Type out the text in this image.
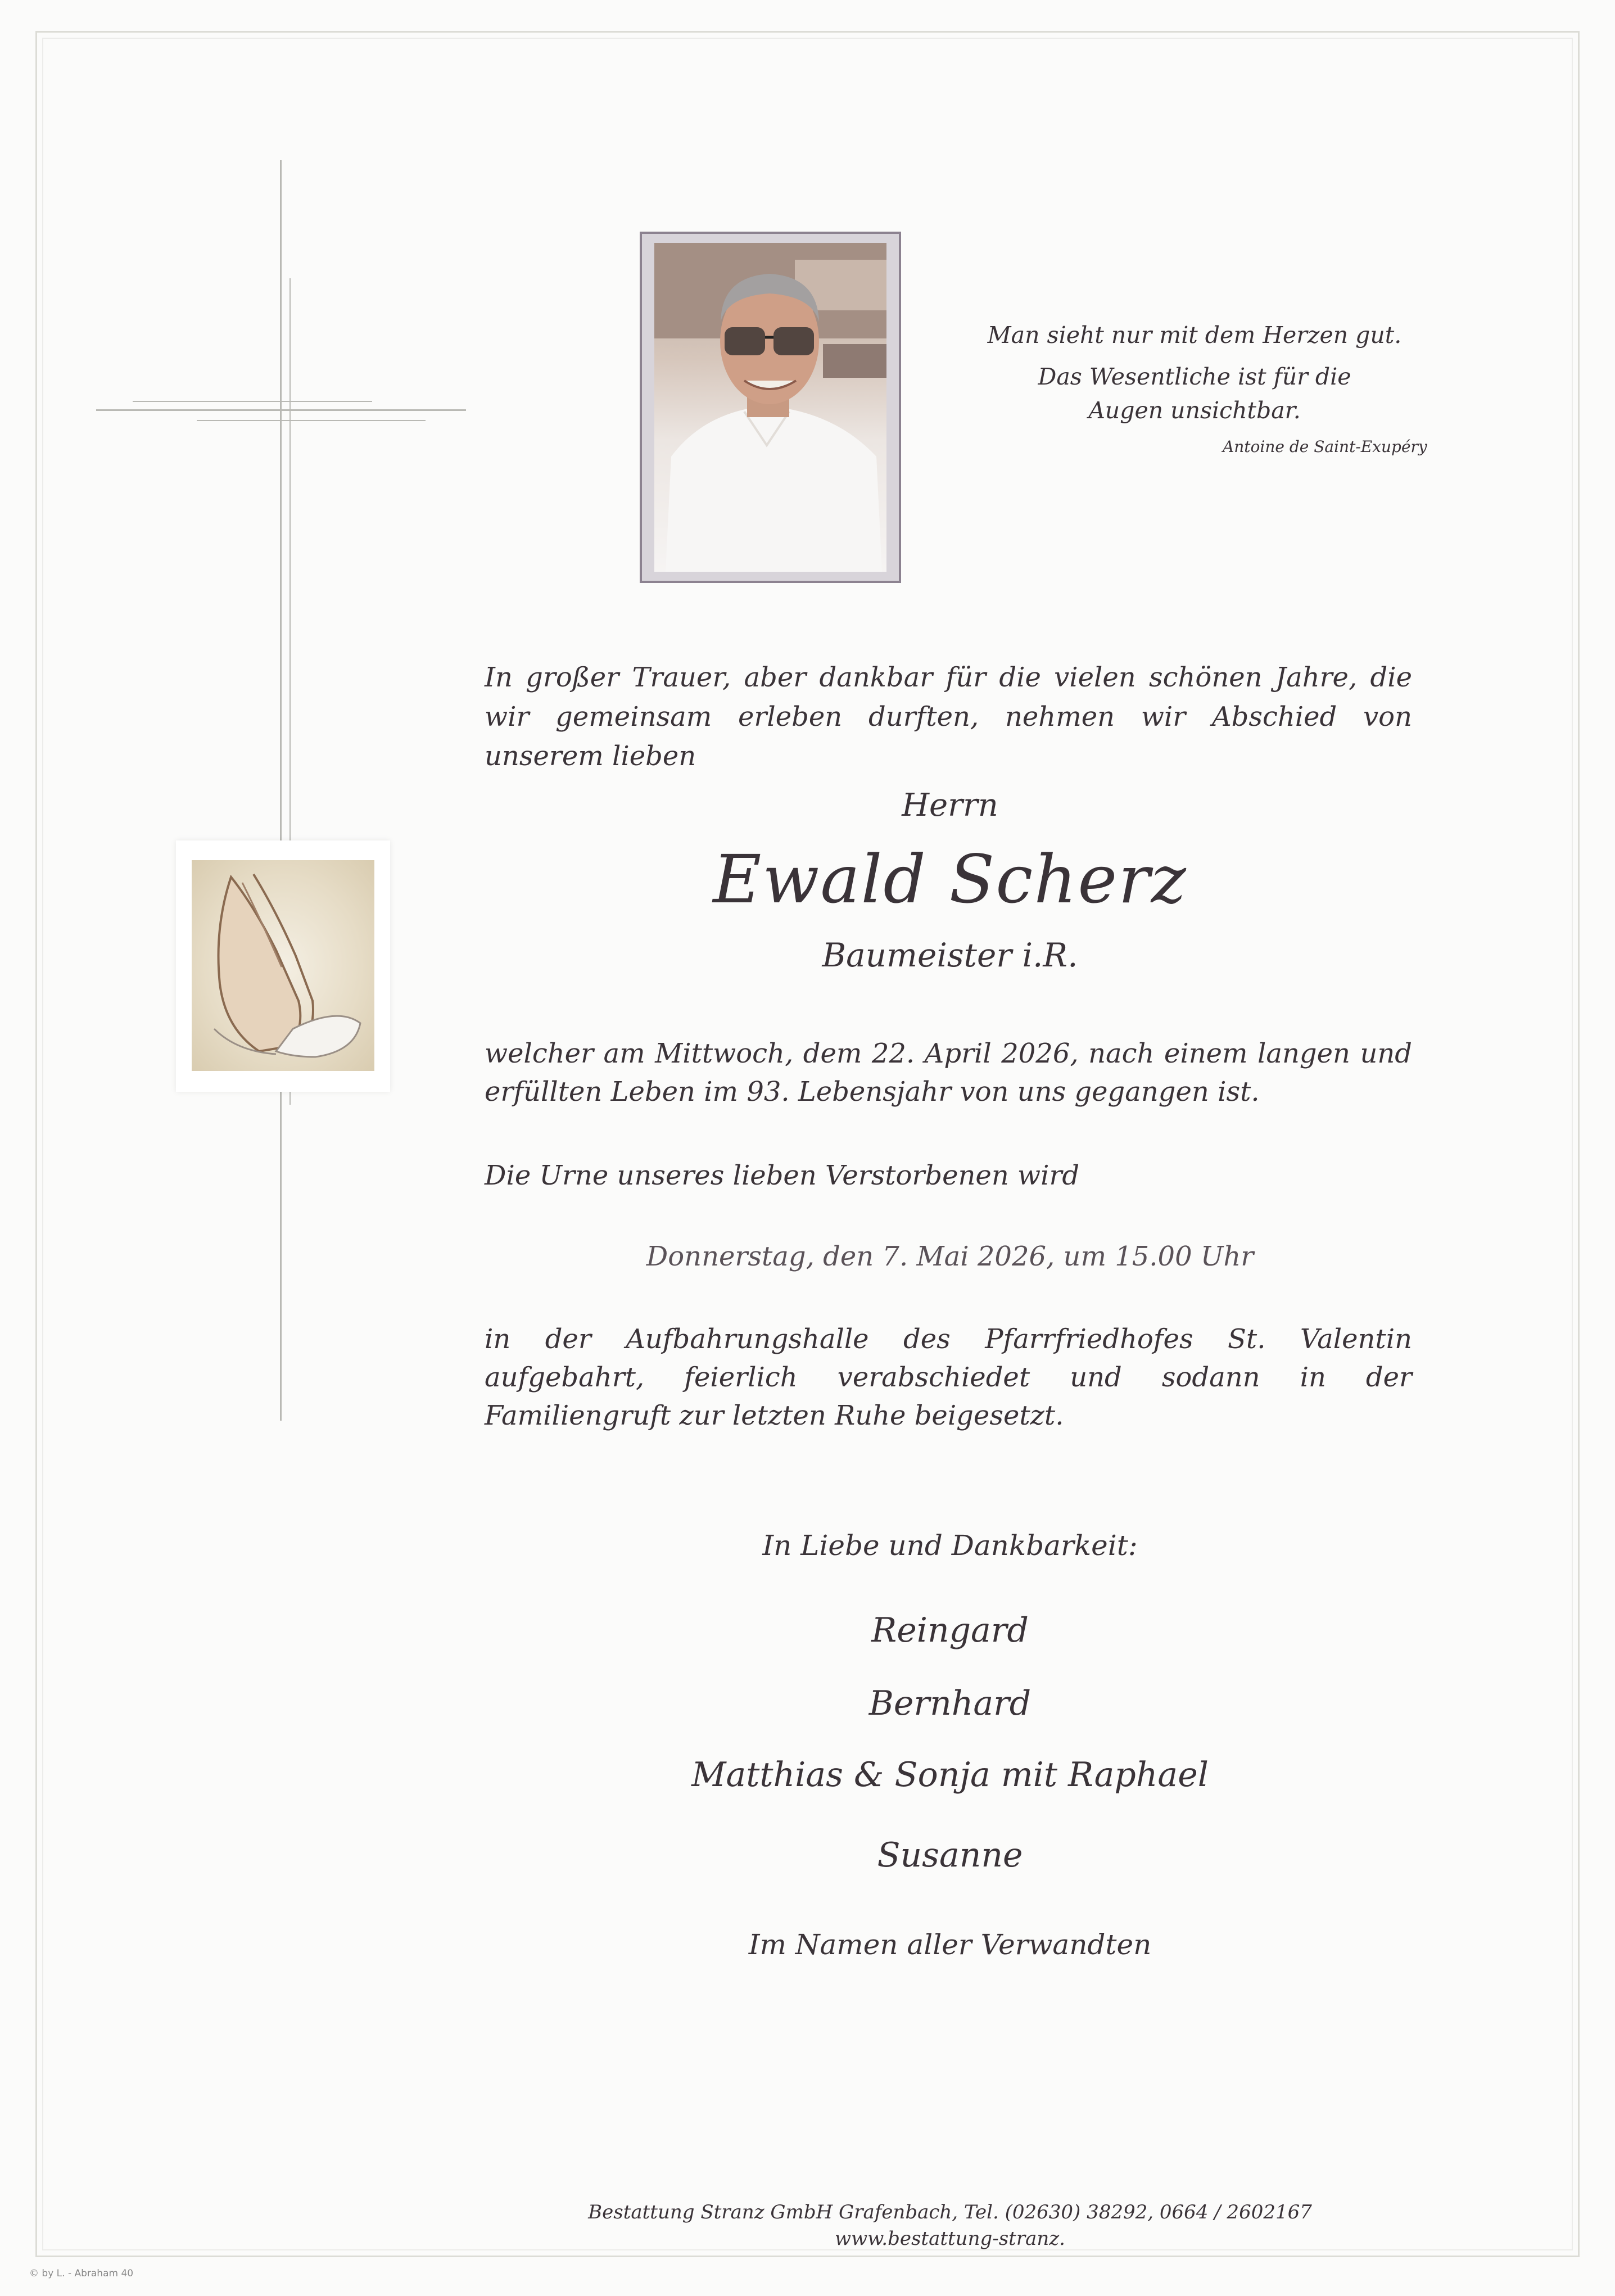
Man sieht nur mit dem Herzen gut.
Das Wesentliche ist für die
Augen unsichtbar.
Antoine de Saint-Exupéry
In großer Trauer, aber dankbar für die vielen schönen Jahre, die wir gemeinsam erleben durften, nehmen wir Abschied von unserem lieben
Herrn
Ewald Scherz
Baumeister i.R.
welcher am Mittwoch, dem 22. April 2026, nach einem langen und erfüllten Leben im 93. Lebensjahr von uns gegangen ist.
Die Urne unseres lieben Verstorbenen wird
Donnerstag, den 7. Mai 2026, um 15.00 Uhr
in der Aufbahrungshalle des Pfarrfriedhofes St. Valentin aufgebahrt, feierlich verabschiedet und sodann in der Familiengruft zur letzten Ruhe beigesetzt.
In Liebe und Dankbarkeit:
Reingard
Bernhard
Matthias & Sonja mit Raphael
Susanne
Im Namen aller Verwandten
Bestattung Stranz GmbH Grafenbach, Tel. (02630) 38292, 0664 / 2602167
www.bestattung-stranz.
© by L. - Abraham 40
